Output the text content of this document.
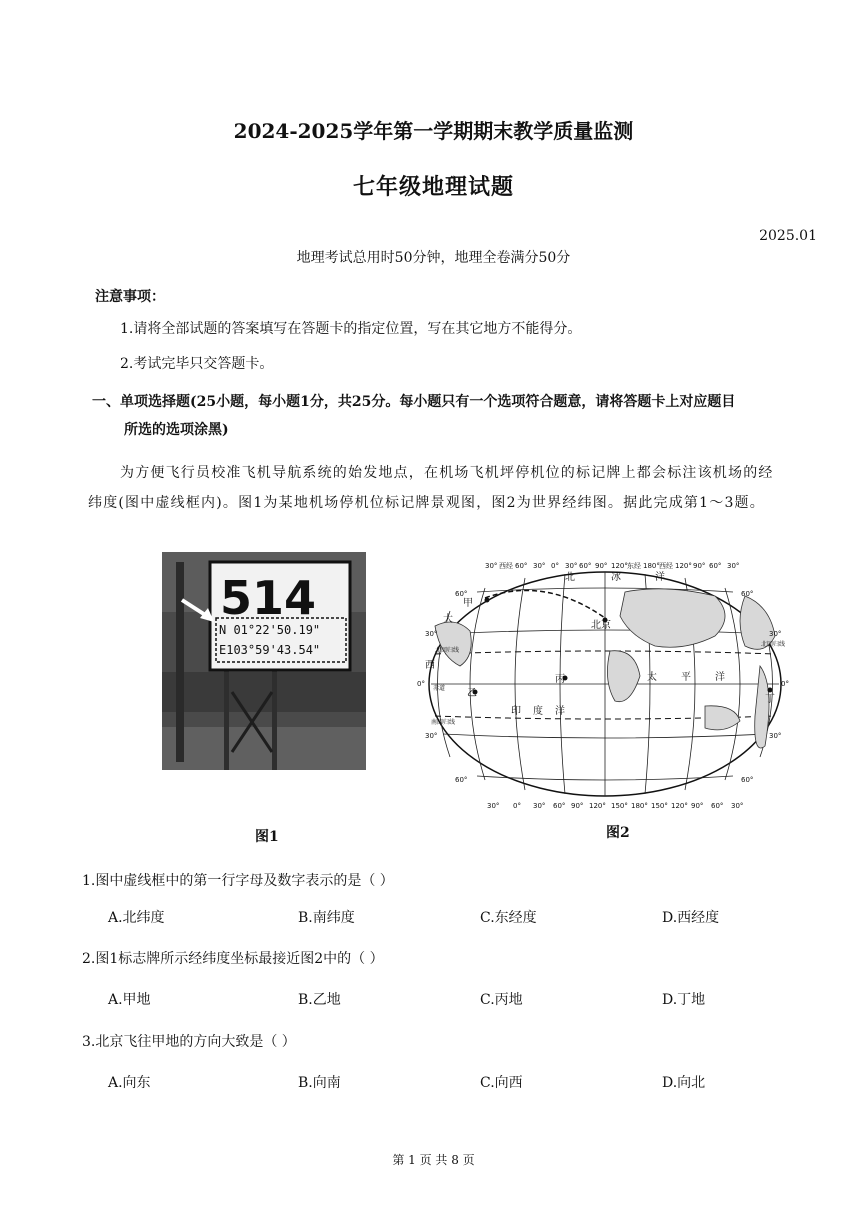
2024-2025学年第一学期期末教学质量监测
七年级地理试题
2025.01
地理考试总用时50分钟，地理全卷满分50分
注意事项：
1.请将全部试题的答案填写在答题卡的指定位置，写在其它地方不能得分。
2.考试完毕只交答题卡。
一、单项选择题(25小题，每小题1分，共25分。每小题只有一个选项符合题意，请将答题卡上对应题目
所选的选项涂黑)
为方便飞行员校准飞机导航系统的始发地点，在机场飞机坪停机位的标记牌上都会标注该机场的经纬度(图中虚线框内)。图1为某地机场停机位标记牌景观图，图2为世界经纬图。据此完成第1～3题。
514
N 01°22'50.19"
E103°59'43.54"
30° 西经 60° 30° 0° 30° 60° 90° 120° 东经 180° 西经 120° 90° 60° 30°
30° 0° 30° 60° 90° 120° 150° 180° 150° 120° 90° 60° 30°
60°
30°
0°
30°
60°
60°
30°
0°
30°
60°
北回归线
南回归线
北回归线
赤道
甲
乙
丙
丁
北京
北	冰	洋
大
西
太 平 洋
印 度 洋
图1	图2
1.图中虚线框中的第一行字母及数字表示的是（ ）
A.北纬度	B.南纬度	C.东经度	D.西经度
2.图1标志牌所示经纬度坐标最接近图2中的（ ）
A.甲地	B.乙地	C.丙地	D.丁地
3.北京飞往甲地的方向大致是（ ）
A.向东	B.向南	C.向西	D.向北
第 1 页 共 8 页
